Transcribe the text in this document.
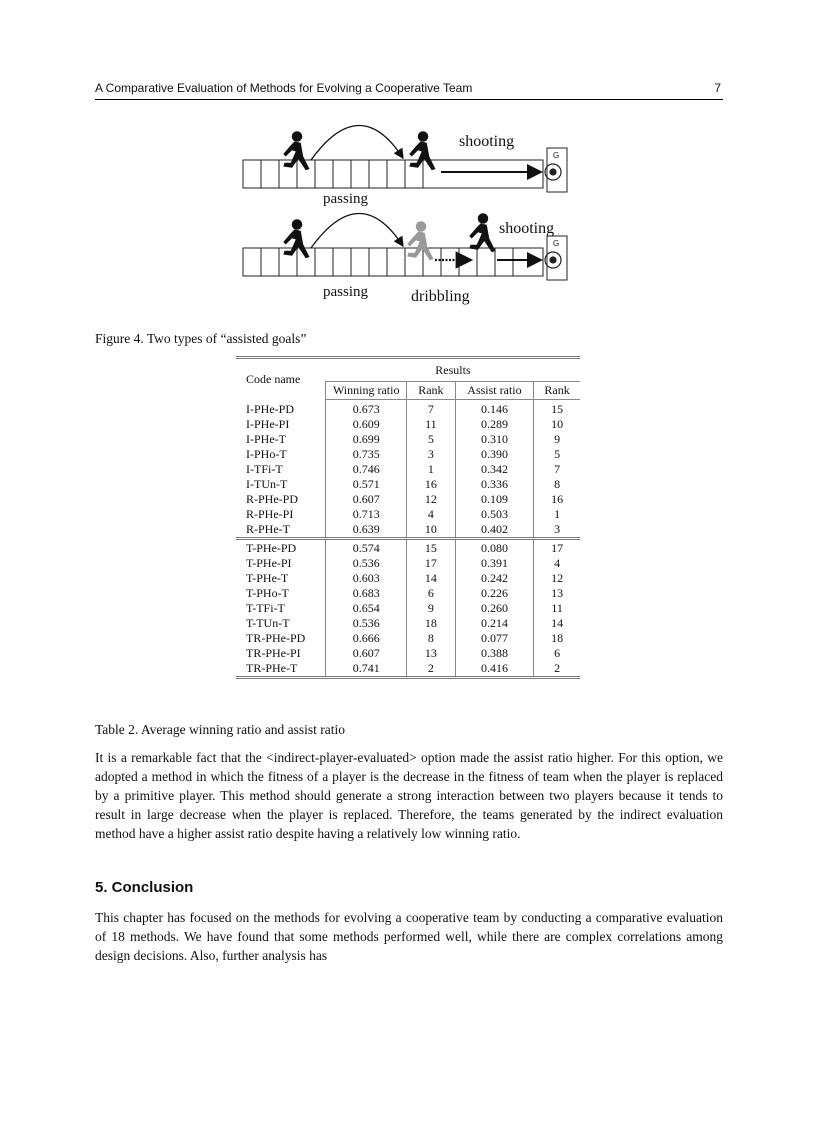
A Comparative Evaluation of Methods for Evolving a Cooperative Team	7
G
shooting
passing
G
shooting
passing	dribbling
Figure 4. Two types of “assisted goals”
Code name	Results			
	Winning ratio	Rank	Assist ratio	Rank
I-PHe-PD	0.673	7	0.146	15
I-PHe-PI	0.609	11	0.289	10
I-PHe-T	0.699	5	0.310	9
I-PHo-T	0.735	3	0.390	5
I-TFi-T	0.746	1	0.342	7
I-TUn-T	0.571	16	0.336	8
R-PHe-PD	0.607	12	0.109	16
R-PHe-PI	0.713	4	0.503	1
R-PHe-T	0.639	10	0.402	3
T-PHe-PD	0.574	15	0.080	17
T-PHe-PI	0.536	17	0.391	4
T-PHe-T	0.603	14	0.242	12
T-PHo-T	0.683	6	0.226	13
T-TFi-T	0.654	9	0.260	11
T-TUn-T	0.536	18	0.214	14
TR-PHe-PD	0.666	8	0.077	18
TR-PHe-PI	0.607	13	0.388	6
TR-PHe-T	0.741	2	0.416	2
Table 2. Average winning ratio and assist ratio

It is a remarkable fact that the <indirect-player-evaluated> option made the assist ratio higher. For this option, we adopted a method in which the fitness of a player is the decrease in the fitness of team when the player is replaced by a primitive player. This method should generate a strong interaction between two players because it tends to result in large decrease when the player is replaced. Therefore, the teams generated by the indirect evaluation method have a higher assist ratio despite having a relatively low winning ratio.

5. Conclusion

This chapter has focused on the methods for evolving a cooperative team by conducting a comparative evaluation of 18 methods. We have found that some methods performed well, while there are complex correlations among design decisions. Also, further analysis has
